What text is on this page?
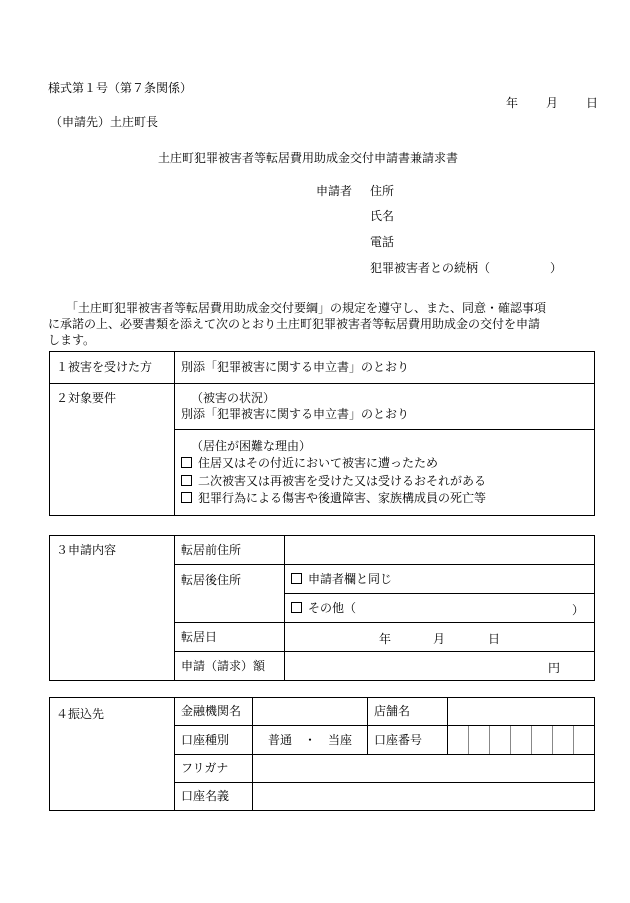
様式第１号（第７条関係）
年 月 日
（申請先）土庄町長
土庄町犯罪被害者等転居費用助成金交付申請書兼請求書
申請者 住所
氏名
電話
犯罪被害者との続柄（　　　　　）
「土庄町犯罪被害者等転居費用助成金交付要綱」の規定を遵守し、また、同意・確認事項
に承諾の上、必要書類を添えて次のとおり土庄町犯罪被害者等転居費用助成金の交付を申請
します。
１被害を受けた方	別添「犯罪被害に関する申立書」のとおり
２対象要件	（被害の状況）
別添「犯罪被害に関する申立書」のとおり

	（居住が困難な理由）
住居又はその付近において被害に遭ったため
二次被害又は再被害を受けた又は受けるおそれがある
犯罪行為による傷害や後遺障害、家族構成員の死亡等
３申請内容	転居前住所	
	転居後住所	申請者欄と同じ
		その他（ ）

	転居日	年 月 日

	申請（請求）額	円
４振込先	金融機関名		店舗名	
	口座種別	普通　・　当座	口座番号	

	フリガナ			
	口座名義			
